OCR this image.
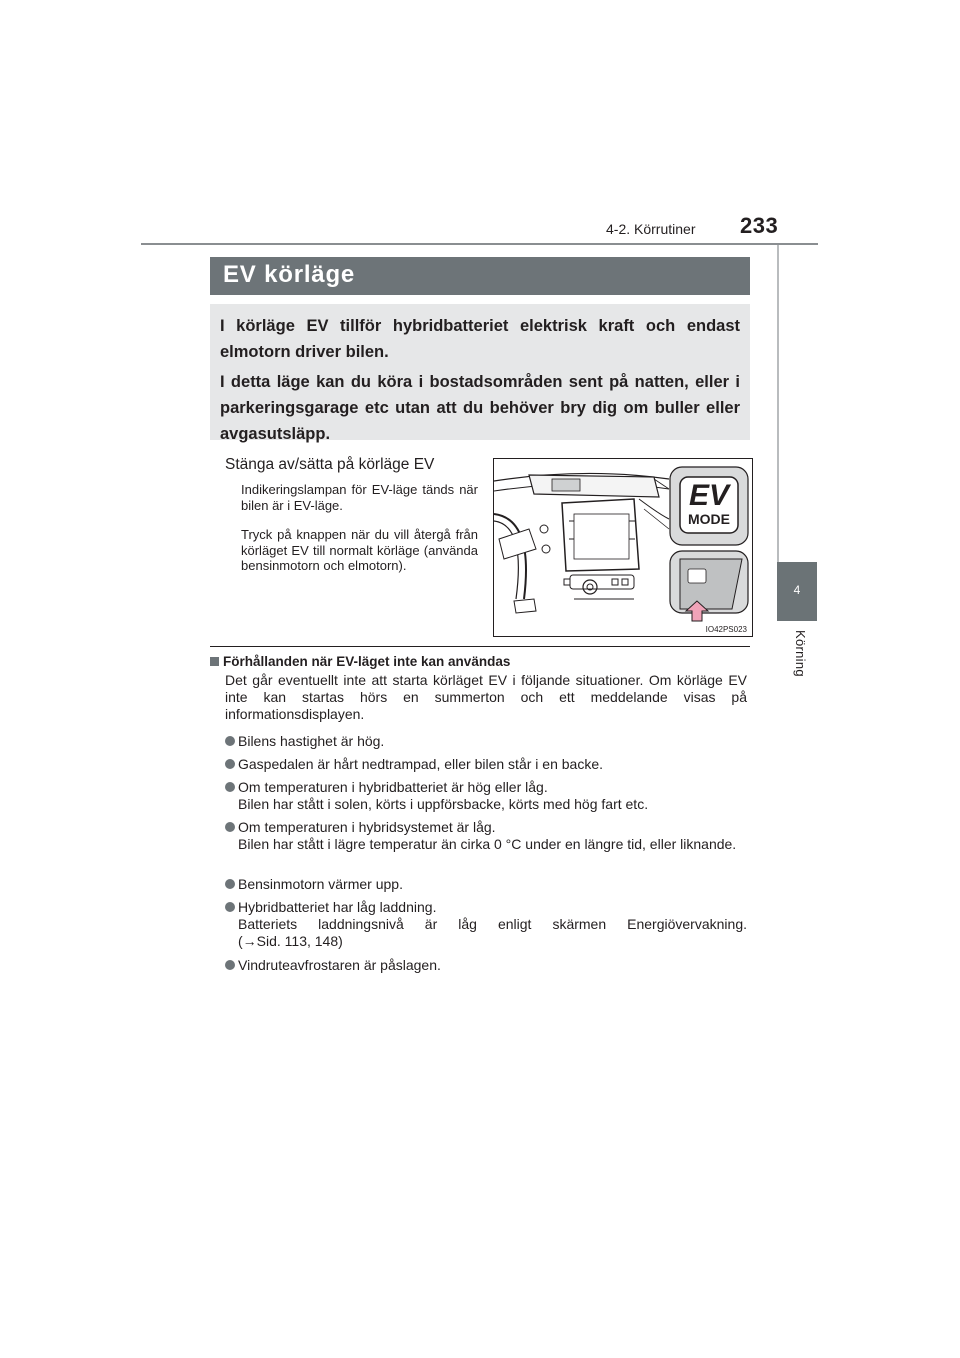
4-2. Körrutiner 233
4
Körning
EV körläge

I körläge EV tillför hybridbatteriet elektrisk kraft och endast elmotorn driver bilen.

I detta läge kan du köra i bostadsområden sent på natten, eller i parkeringsgarage etc utan att du behöver bry dig om buller eller avgasutsläpp.

Stänga av/sätta på körläge EV
Indikeringslampan för EV-läge tänds när bilen är i EV-läge.
Tryck på knappen när du vill återgå från körläget EV till normalt körläge (använda bensinmotorn och elmotorn).
EV
MODE
IO42PS023
Förhållanden när EV-läget inte kan användas
Det går eventuellt inte att starta körläget EV i följande situationer. Om körläge EV inte kan startas hörs en summerton och ett meddelande visas på informationsdisplayen.
Bilens hastighet är hög.
Gaspedalen är hårt nedtrampad, eller bilen står i en backe.
Om temperaturen i hybridbatteriet är hög eller låg.
Bilen har stått i solen, körts i uppförsbacke, körts med hög fart etc.
Om temperaturen i hybridsystemet är låg.
Bilen har stått i lägre temperatur än cirka 0 °C under en längre tid, eller liknande.
Bensinmotorn värmer upp.
Hybridbatteriet har låg laddning.
Batteriets laddningsnivå är låg enligt skärmen Energiövervakning.
(→Sid. 113, 148)
Vindruteavfrostaren är påslagen.
